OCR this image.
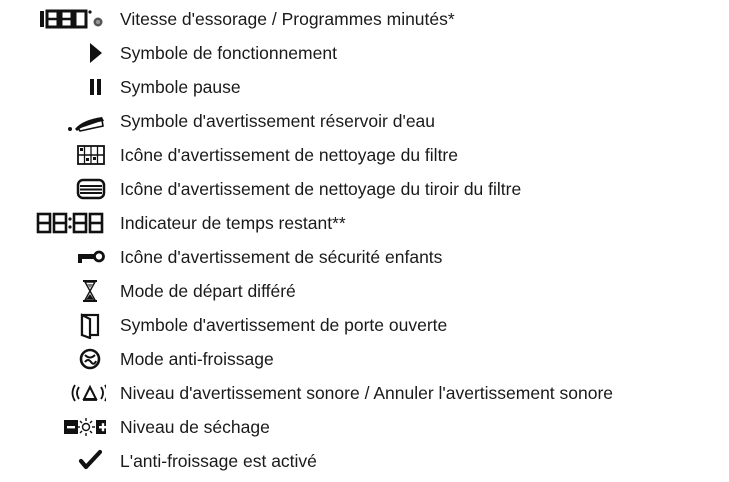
Vitesse d'essorage / Programmes minutés*
Symbole de fonctionnement
Symbole pause
Symbole d'avertissement réservoir d'eau
Icône d'avertissement de nettoyage du filtre
Icône d'avertissement de nettoyage du tiroir du filtre
Indicateur de temps restant**
Icône d'avertissement de sécurité enfants
Mode de départ différé
Symbole d'avertissement de porte ouverte
Mode anti-froissage
Niveau d'avertissement sonore / Annuler l'avertissement sonore
Niveau de séchage
L'anti-froissage est activé
